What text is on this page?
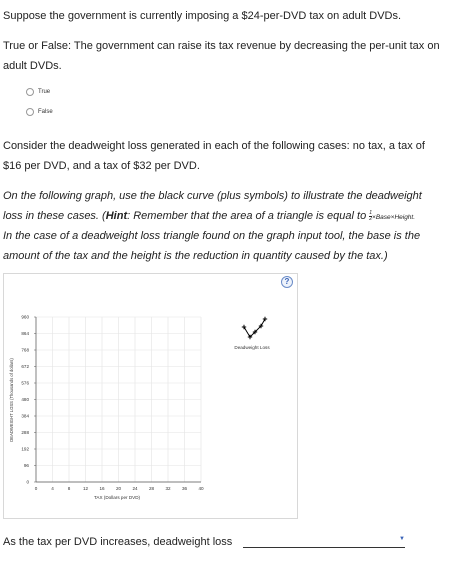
Suppose the government is currently imposing a $24-per-DVD tax on adult DVDs.
True or False: The government can raise its tax revenue by decreasing the per-unit tax on
adult DVDs.
True
False
Consider the deadweight loss generated in each of the following cases: no tax, a tax of
$16 per DVD, and a tax of $32 per DVD.
On the following graph, use the black curve (plus symbols) to illustrate the deadweight
loss in these cases. (Hint: Remember that the area of a triangle is equal to $\frac{1}{2}$ ×Base×Height.
In the case of a deadweight loss triangle found on the graph input tool, the base is the
amount of the tax and the height is the reduction in quantity caused by the tax.)
0	4	8	12 16 20 24 28 32 36 40
0
96
192
288
384
480
576
672
768
864
960
DEADWEIGHT LOSS (Thousands of dollars)
TAX (Dollars per DVD)
Deadweight Loss
?
As the tax per DVD increases, deadweight loss	▼
